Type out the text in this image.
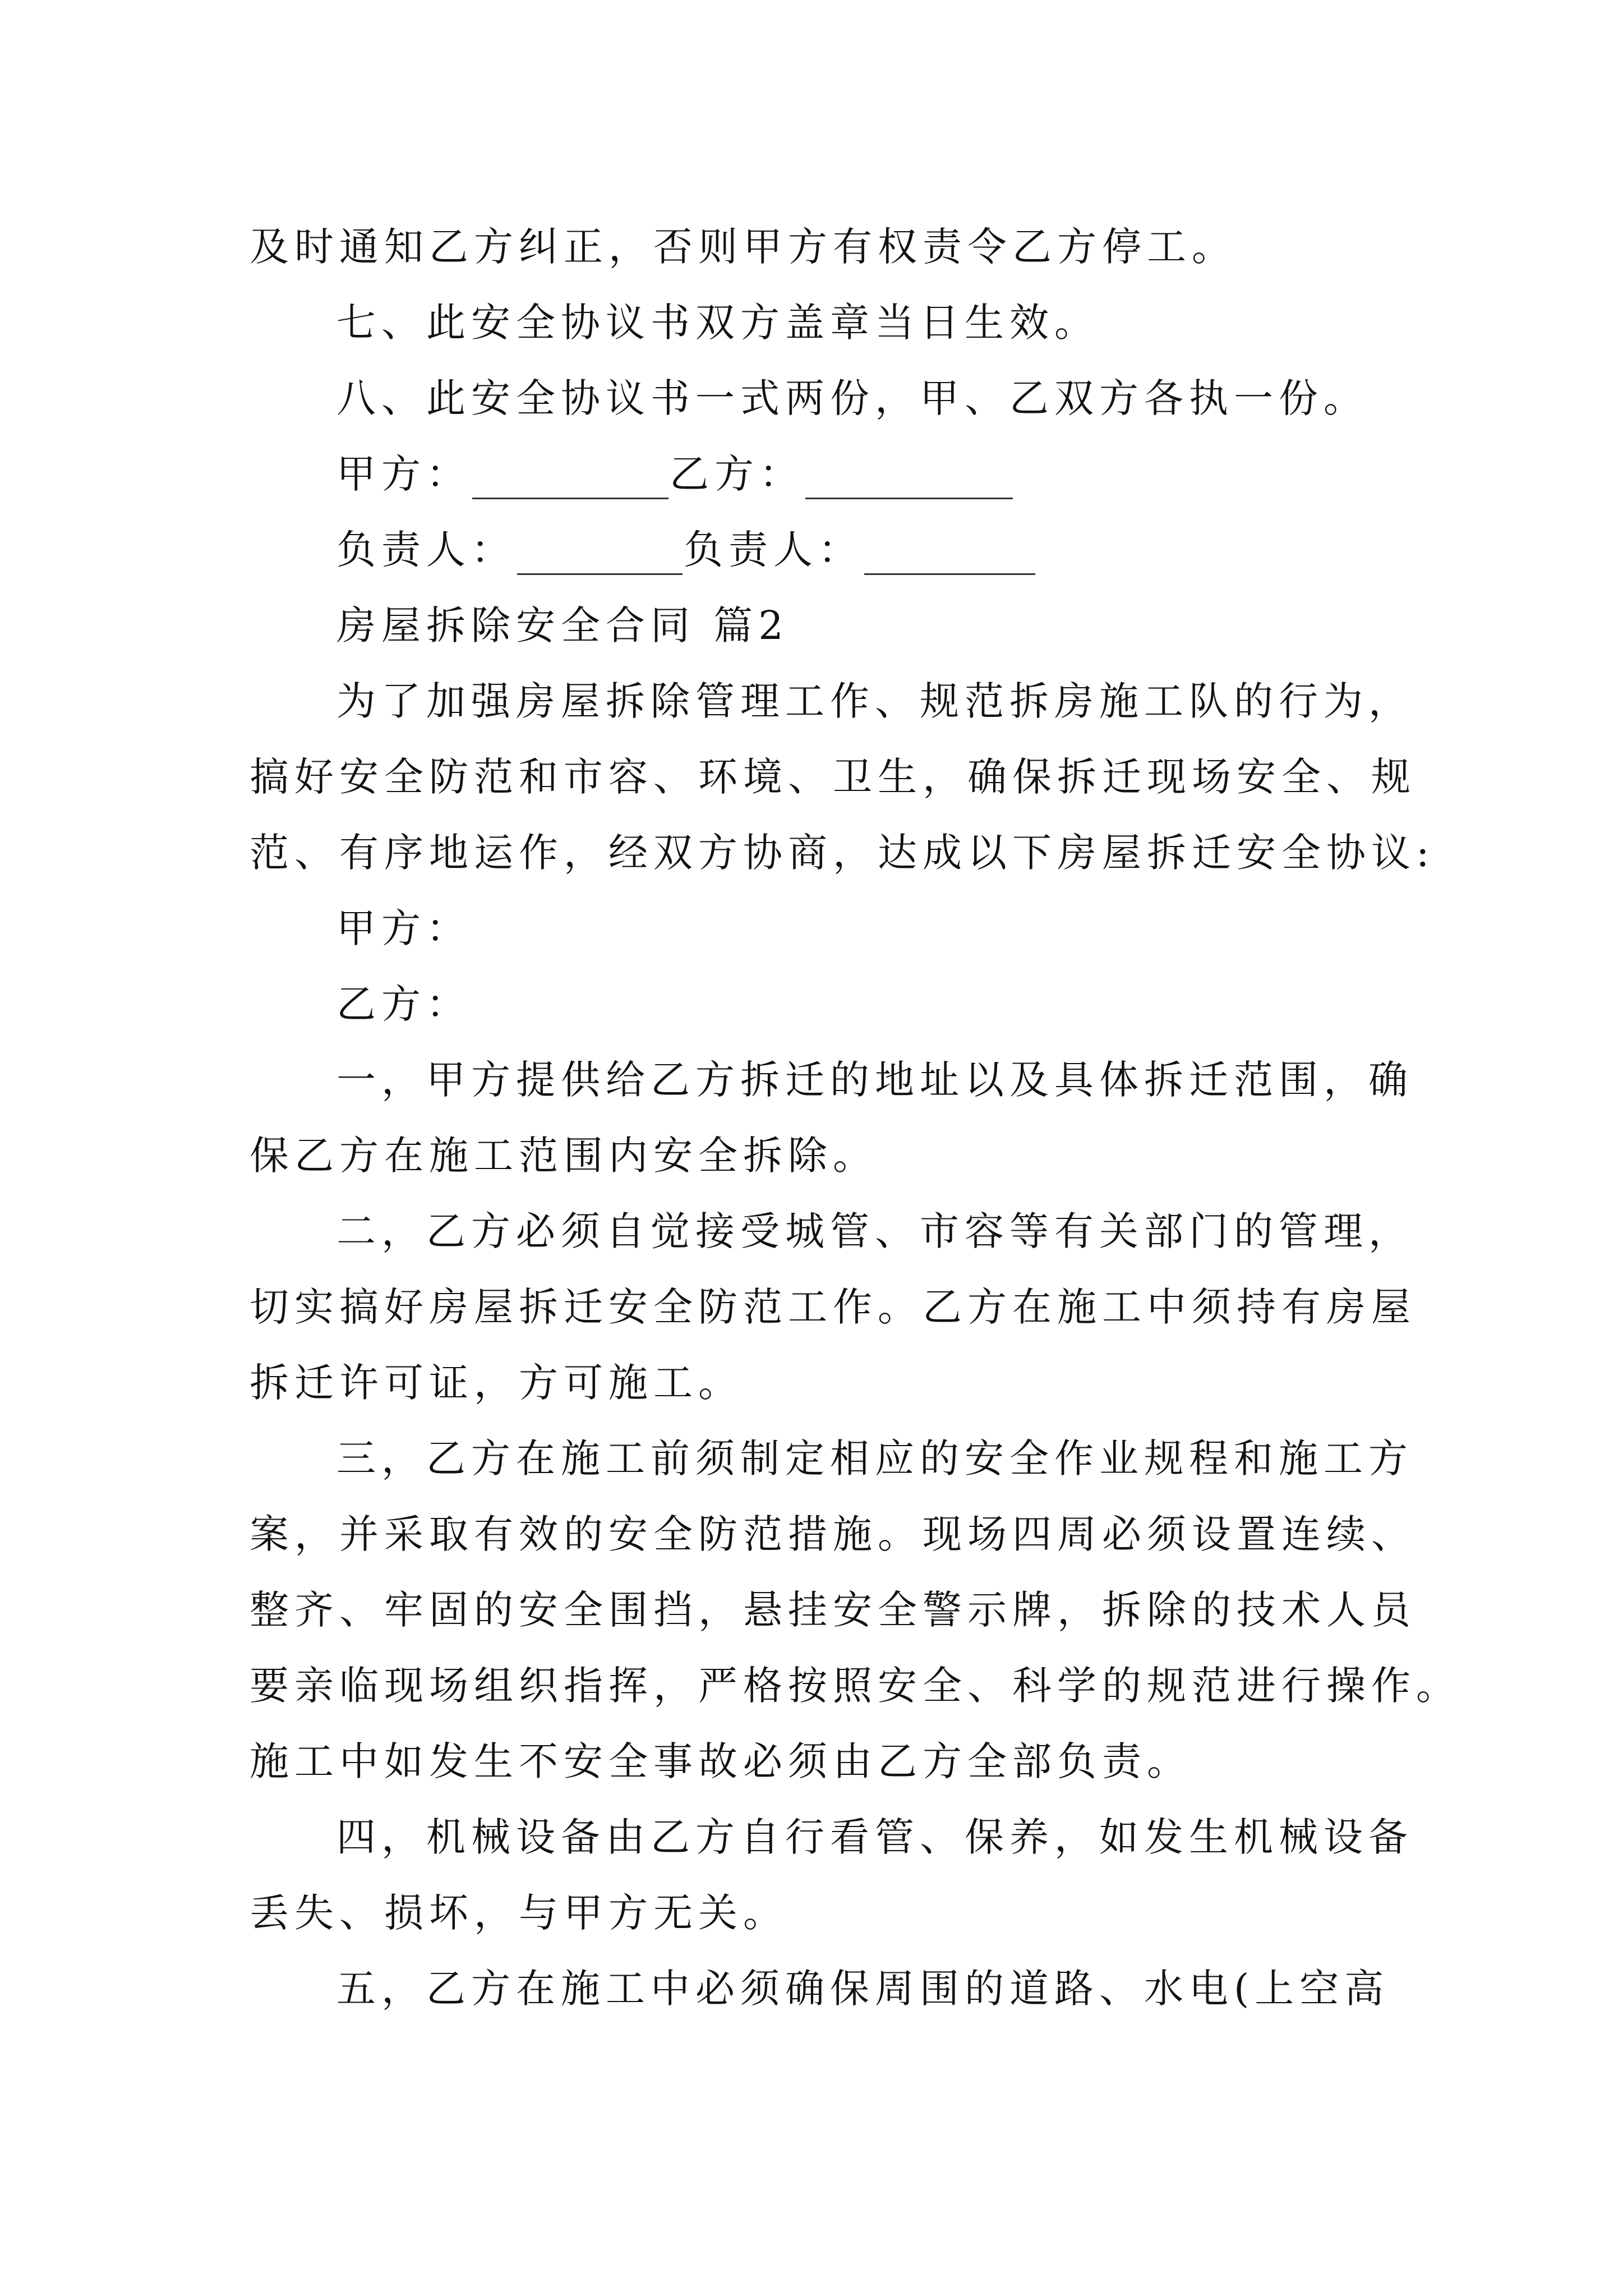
及时通知乙方纠正，否则甲方有权责令乙方停工。
七、此安全协议书双方盖章当日生效。
八、此安全协议书一式两份，甲、乙双方各执一份。
甲方：	乙方：
负责人：	负责人：
房屋拆除安全合同 篇2
为了加强房屋拆除管理工作、规范拆房施工队的行为，
搞好安全防范和市容、环境、卫生，确保拆迁现场安全、规
范、有序地运作，经双方协商，达成以下房屋拆迁安全协议:
甲方：
乙方：
一，甲方提供给乙方拆迁的地址以及具体拆迁范围，确
保乙方在施工范围内安全拆除。
二，乙方必须自觉接受城管、市容等有关部门的管理，
切实搞好房屋拆迁安全防范工作。乙方在施工中须持有房屋
拆迁许可证，方可施工。
三，乙方在施工前须制定相应的安全作业规程和施工方
案，并采取有效的安全防范措施。现场四周必须设置连续、
整齐、牢固的安全围挡，悬挂安全警示牌，拆除的技术人员
要亲临现场组织指挥，严格按照安全、科学的规范进行操作。
施工中如发生不安全事故必须由乙方全部负责。
四，机械设备由乙方自行看管、保养，如发生机械设备
丢失、损坏，与甲方无关。
五，乙方在施工中必须确保周围的道路、水电(上空高
